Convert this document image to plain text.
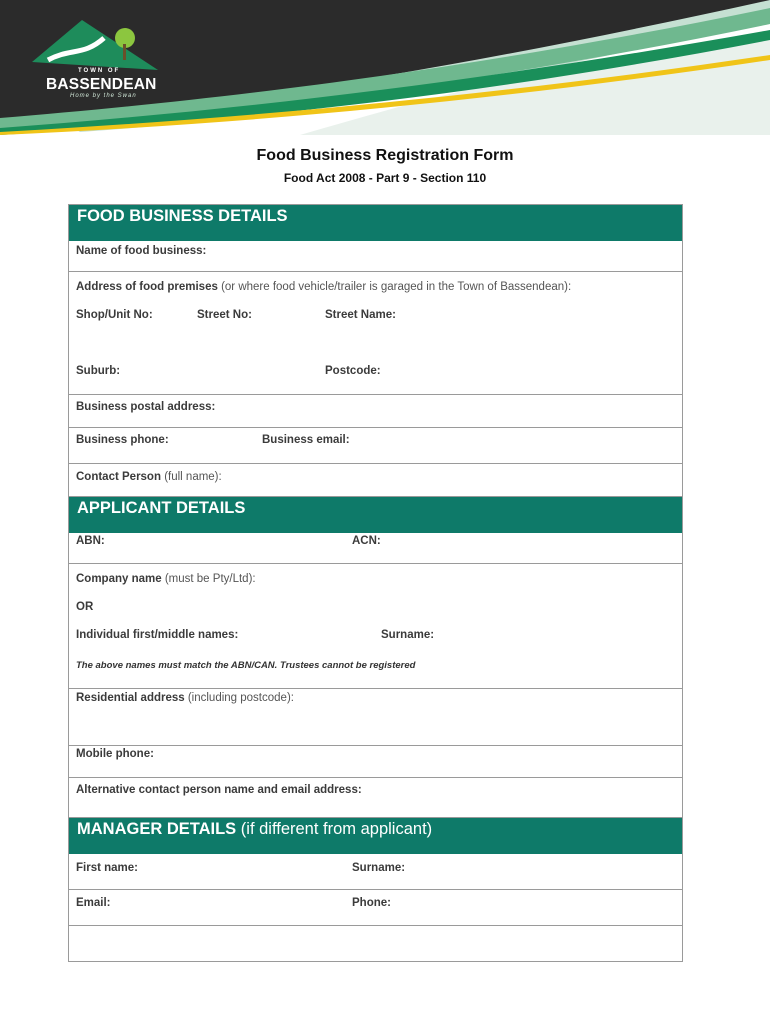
TOWN OF
BASSENDEAN
Home by the Swan
Food Business Registration Form
Food Act 2008 - Part 9 - Section 110
FOOD BUSINESS DETAILS
Name of food business:
Address of food premises (or where food vehicle/trailer is garaged in the Town of Bassendean):
Shop/Unit No:	Street No:	Street Name:
Suburb:	Postcode:
Business postal address:
Business phone:	Business email:
Contact Person (full name):
APPLICANT DETAILS
ABN:	ACN:
Company name (must be Pty/Ltd):
OR
Individual first/middle names:	Surname:
The above names must match the ABN/CAN. Trustees cannot be registered
Residential address (including postcode):
Mobile phone:
Alternative contact person name and email address:
MANAGER DETAILS (if different from applicant)
First name:	Surname:
Email:	Phone:
